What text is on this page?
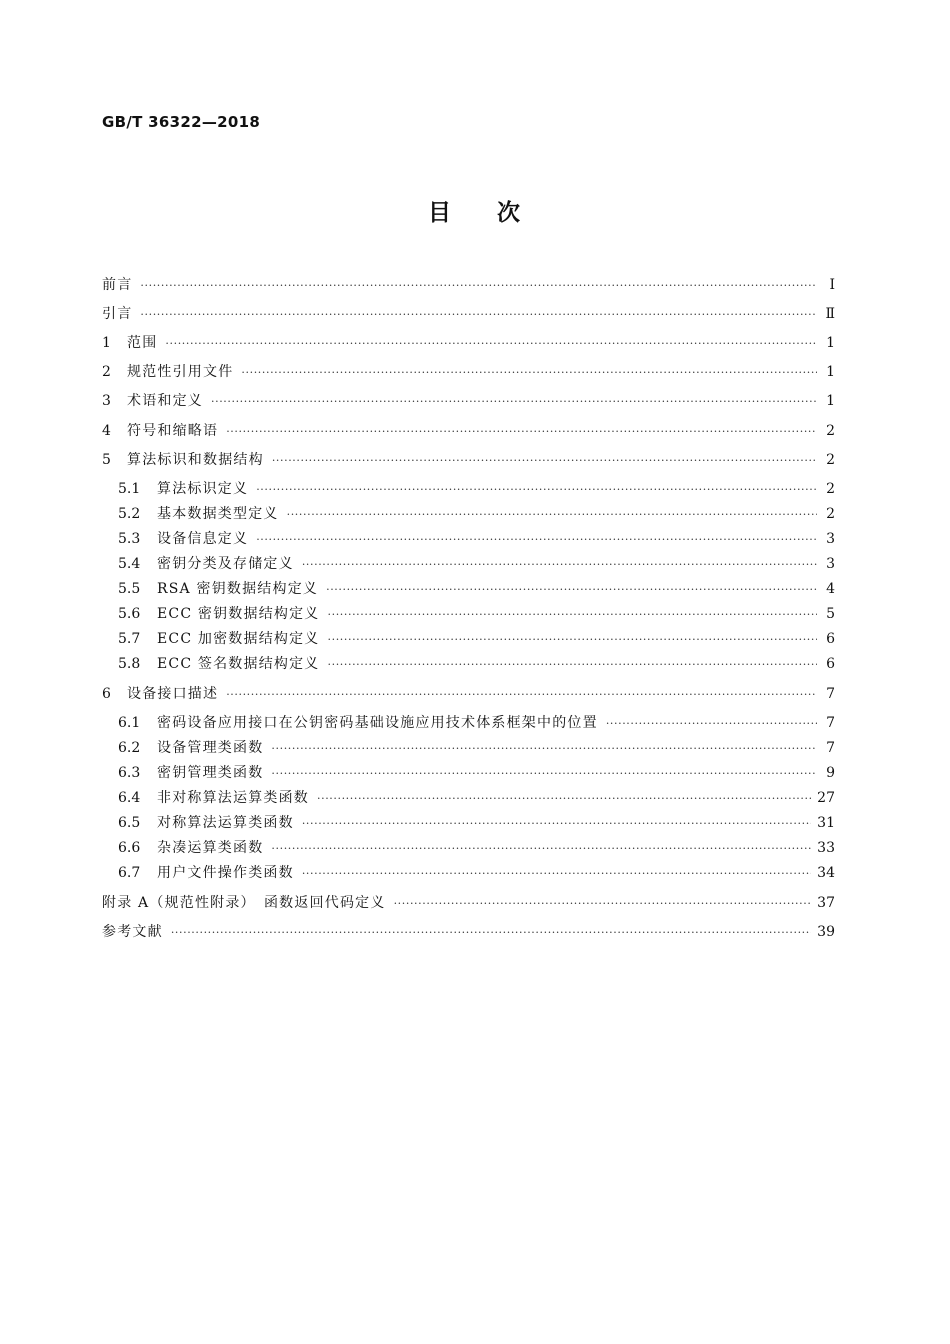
GB/T 36322—2018
目 次
前言 ·····	Ⅰ
引言 ·····	Ⅱ
1	范围 ·····	1
2	规范性引用文件 ·····	1
3	术语和定义 ·····	1
4	符号和缩略语 ·····	2
5	算法标识和数据结构 ·····	2
5.1	算法标识定义 ·····	2
5.2	基本数据类型定义 ·····	2
5.3	设备信息定义 ·····	3
5.4	密钥分类及存储定义 ·····	3
5.5	RSA 密钥数据结构定义 ·····	4
5.6	ECC 密钥数据结构定义 ·····	5
5.7	ECC 加密数据结构定义 ·····	6
5.8	ECC 签名数据结构定义 ·····	6
6	设备接口描述 ·····	7
6.1	密码设备应用接口在公钥密码基础设施应用技术体系框架中的位置 ·····	7
6.2	设备管理类函数 ·····	7
6.3	密钥管理类函数 ·····	9
6.4	非对称算法运算类函数 ·····	27
6.5	对称算法运算类函数 ·····	31
6.6	杂凑运算类函数 ·····	33
6.7	用户文件操作类函数 ·····	34
附录 A（规范性附录）　函数返回代码定义 ·····	37
参考文献 ·····	39
